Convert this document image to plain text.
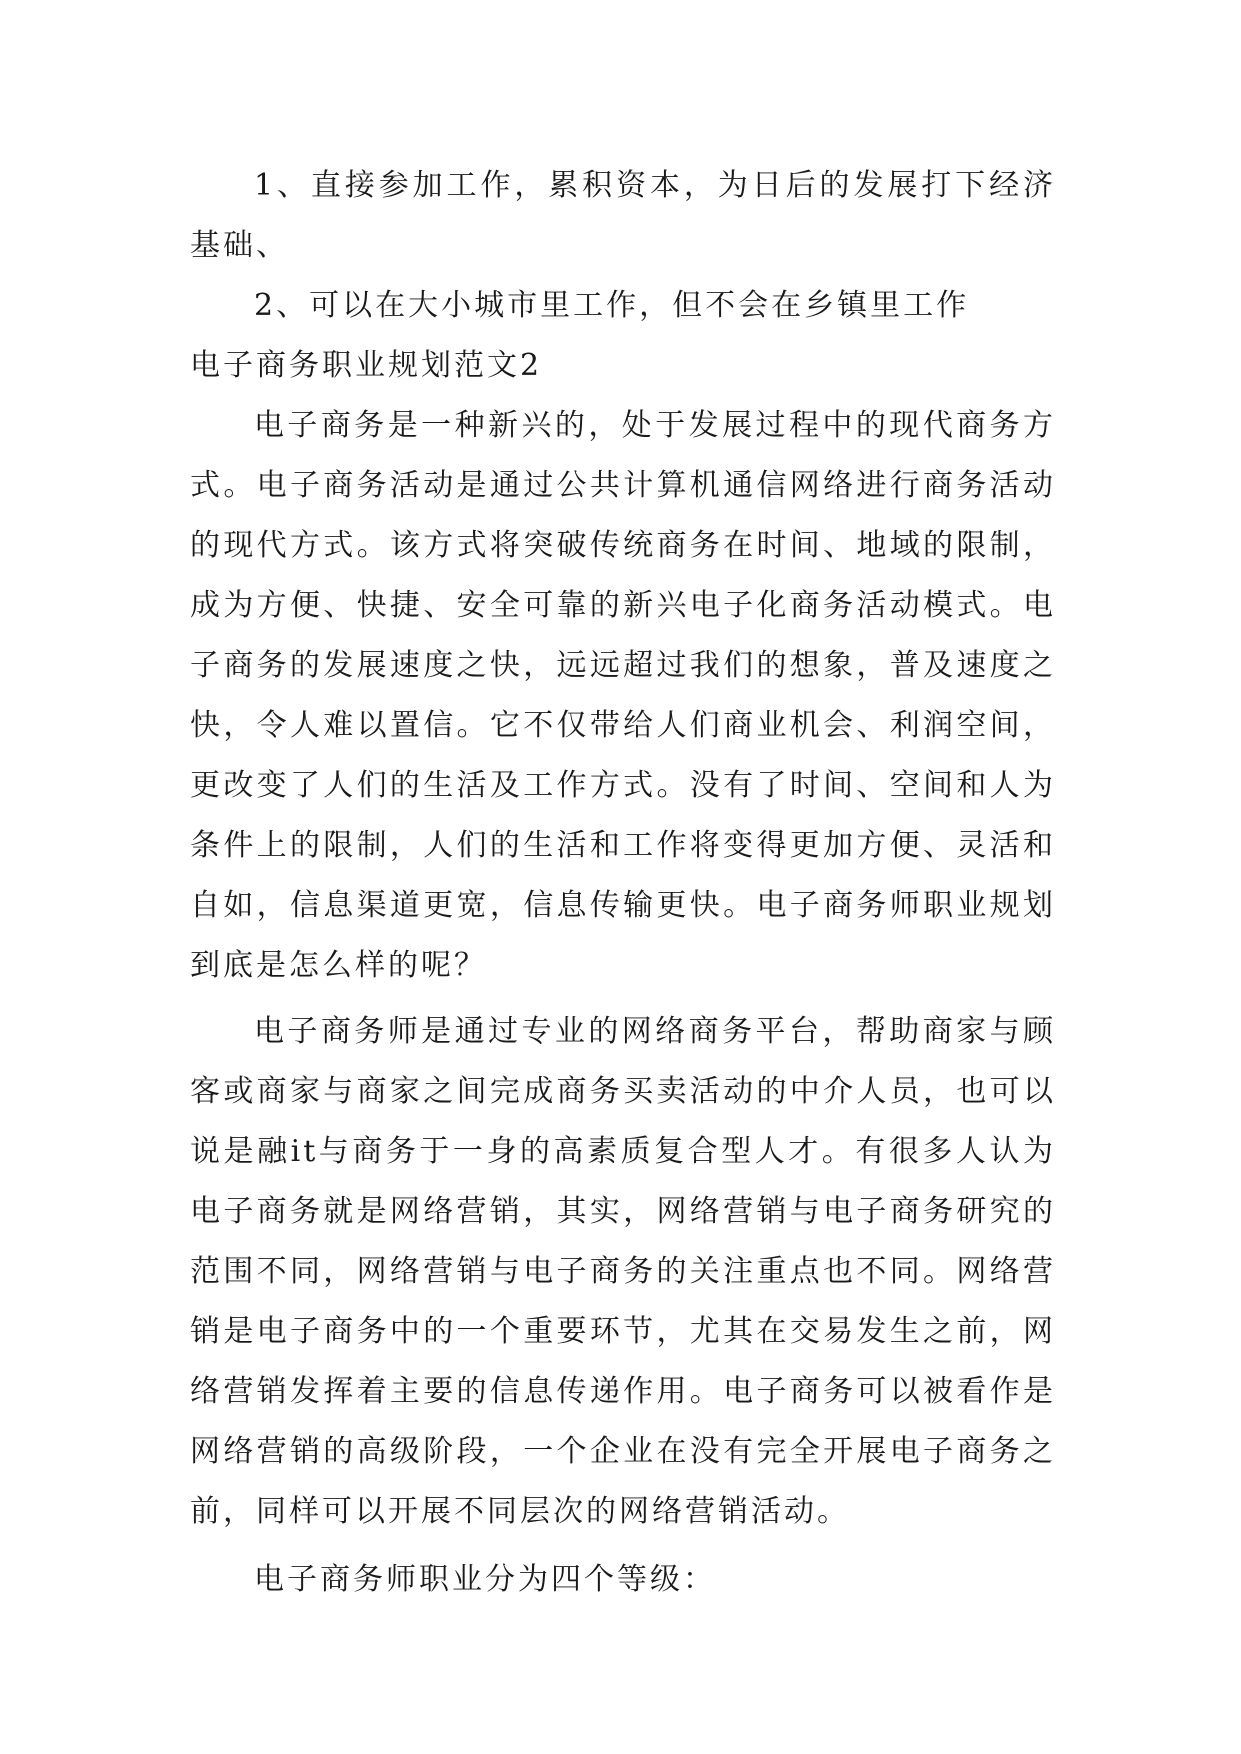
1、直接参加工作，累积资本，为日后的发展打下经济基础、

2、可以在大小城市里工作，但不会在乡镇里工作

电子商务职业规划范文2

电子商务是一种新兴的，处于发展过程中的现代商务方式。电子商务活动是通过公共计算机通信网络进行商务活动的现代方式。该方式将突破传统商务在时间、地域的限制，成为方便、快捷、安全可靠的新兴电子化商务活动模式。电子商务的发展速度之快，远远超过我们的想象，普及速度之快，令人难以置信。它不仅带给人们商业机会、利润空间，更改变了人们的生活及工作方式。没有了时间、空间和人为条件上的限制，人们的生活和工作将变得更加方便、灵活和自如，信息渠道更宽，信息传输更快。电子商务师职业规划到底是怎么样的呢？

电子商务师是通过专业的网络商务平台，帮助商家与顾客或商家与商家之间完成商务买卖活动的中介人员，也可以说是融it与商务于一身的高素质复合型人才。有很多人认为电子商务就是网络营销，其实，网络营销与电子商务研究的范围不同，网络营销与电子商务的关注重点也不同。网络营销是电子商务中的一个重要环节，尤其在交易发生之前，网络营销发挥着主要的信息传递作用。电子商务可以被看作是网络营销的高级阶段，一个企业在没有完全开展电子商务之前，同样可以开展不同层次的网络营销活动。

电子商务师职业分为四个等级：
